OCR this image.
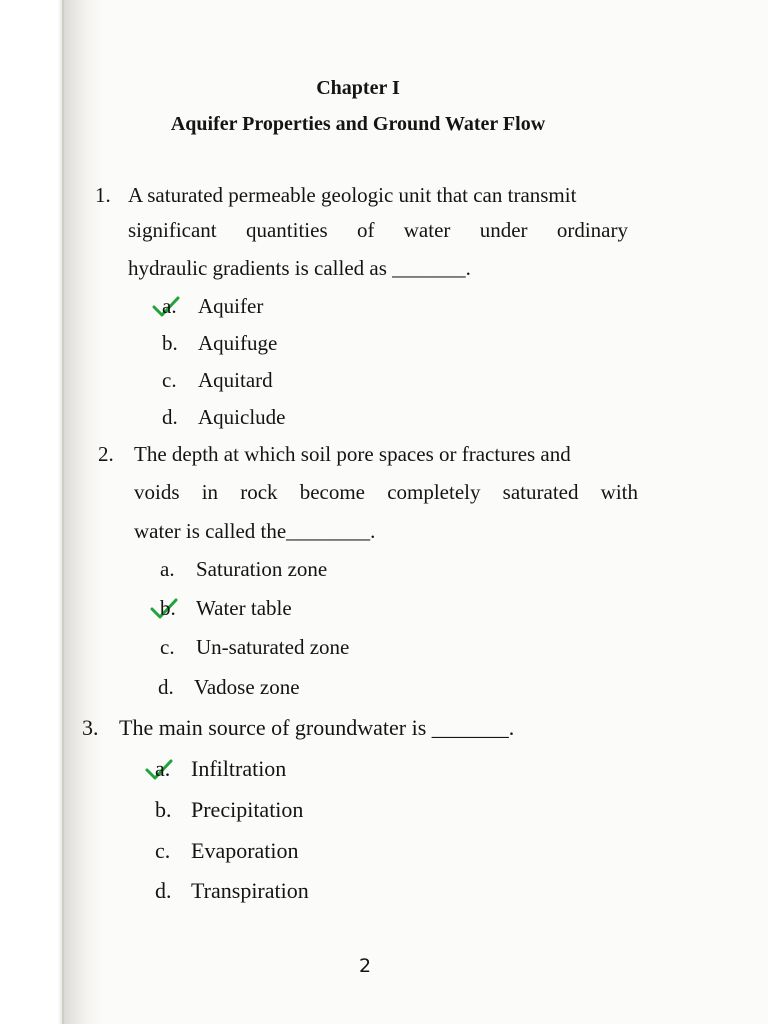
Chapter I
Aquifer Properties and Ground Water Flow
1. A saturated permeable geologic unit that can transmit
significant quantities of water under ordinary
hydraulic gradients is called as _______.
a. Aquifer
b. Aquifuge
c. Aquitard
d. Aquiclude
2. The depth at which soil pore spaces or fractures and
voids in rock become completely saturated with
water is called the________.
a. Saturation zone
b. Water table
c. Un-saturated zone
d. Vadose zone
3. The main source of groundwater is _______.
a. Infiltration
b. Precipitation
c. Evaporation
d. Transpiration
2
